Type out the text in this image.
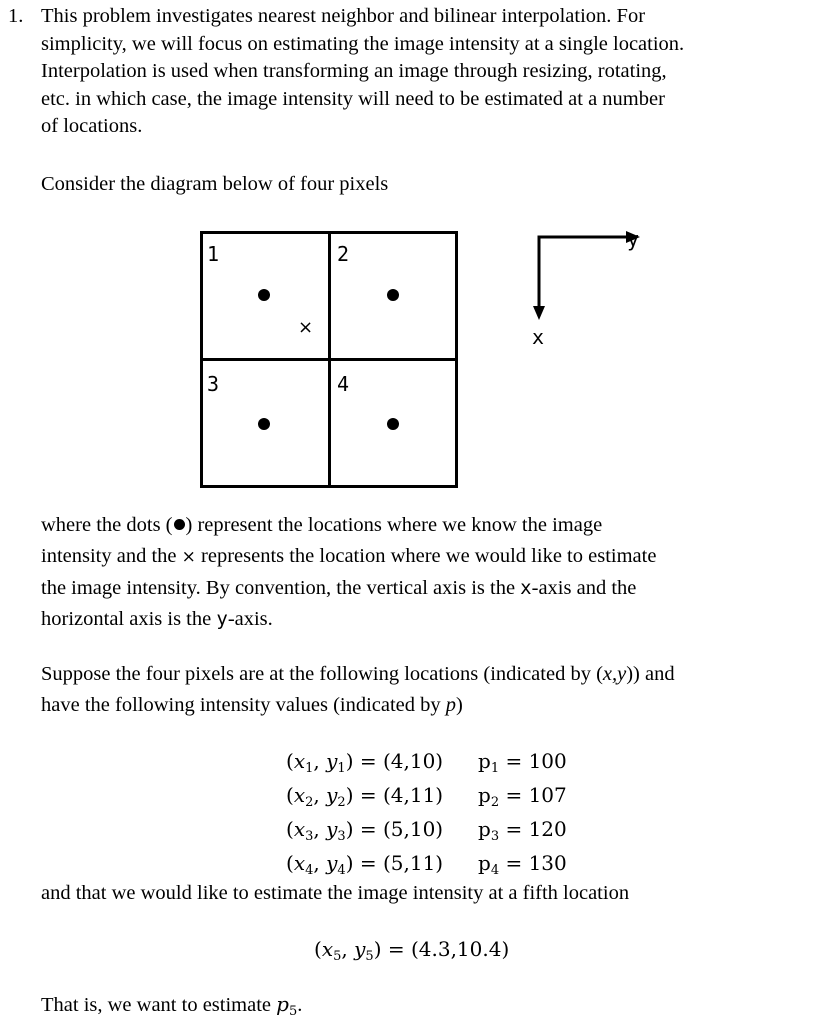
1. This problem investigates nearest neighbor and bilinear interpolation. For
simplicity, we will focus on estimating the image intensity at a single location.
Interpolation is used when transforming an image through resizing, rotating,
etc. in which case, the image intensity will need to be estimated at a number
of locations.
Consider the diagram below of four pixels
1	2
3	4
×
y
x
where the dots ( ) represent the locations where we know the image
intensity and the × represents the location where we would like to estimate
the image intensity. By convention, the vertical axis is the x-axis and the
horizontal axis is the y-axis.
Suppose the four pixels are at the following locations (indicated by (x,y)) and
have the following intensity values (indicated by p)
($x_1$, $y_1) = (4,10)$
($x_2$, $y_2) = (4,11)$
($x_3$, $y_3) = (5,10)$
($x_4$, $y_4) = (5,11)$
$p_1 = 100$
$p_2 = 107$
$p_3 = 120$
$p_4 = 130$
and that we would like to estimate the image intensity at a fifth location
($x_5$, $y_5) = (4.3,10.4)$
That is, we want to estimate $p_5$.
